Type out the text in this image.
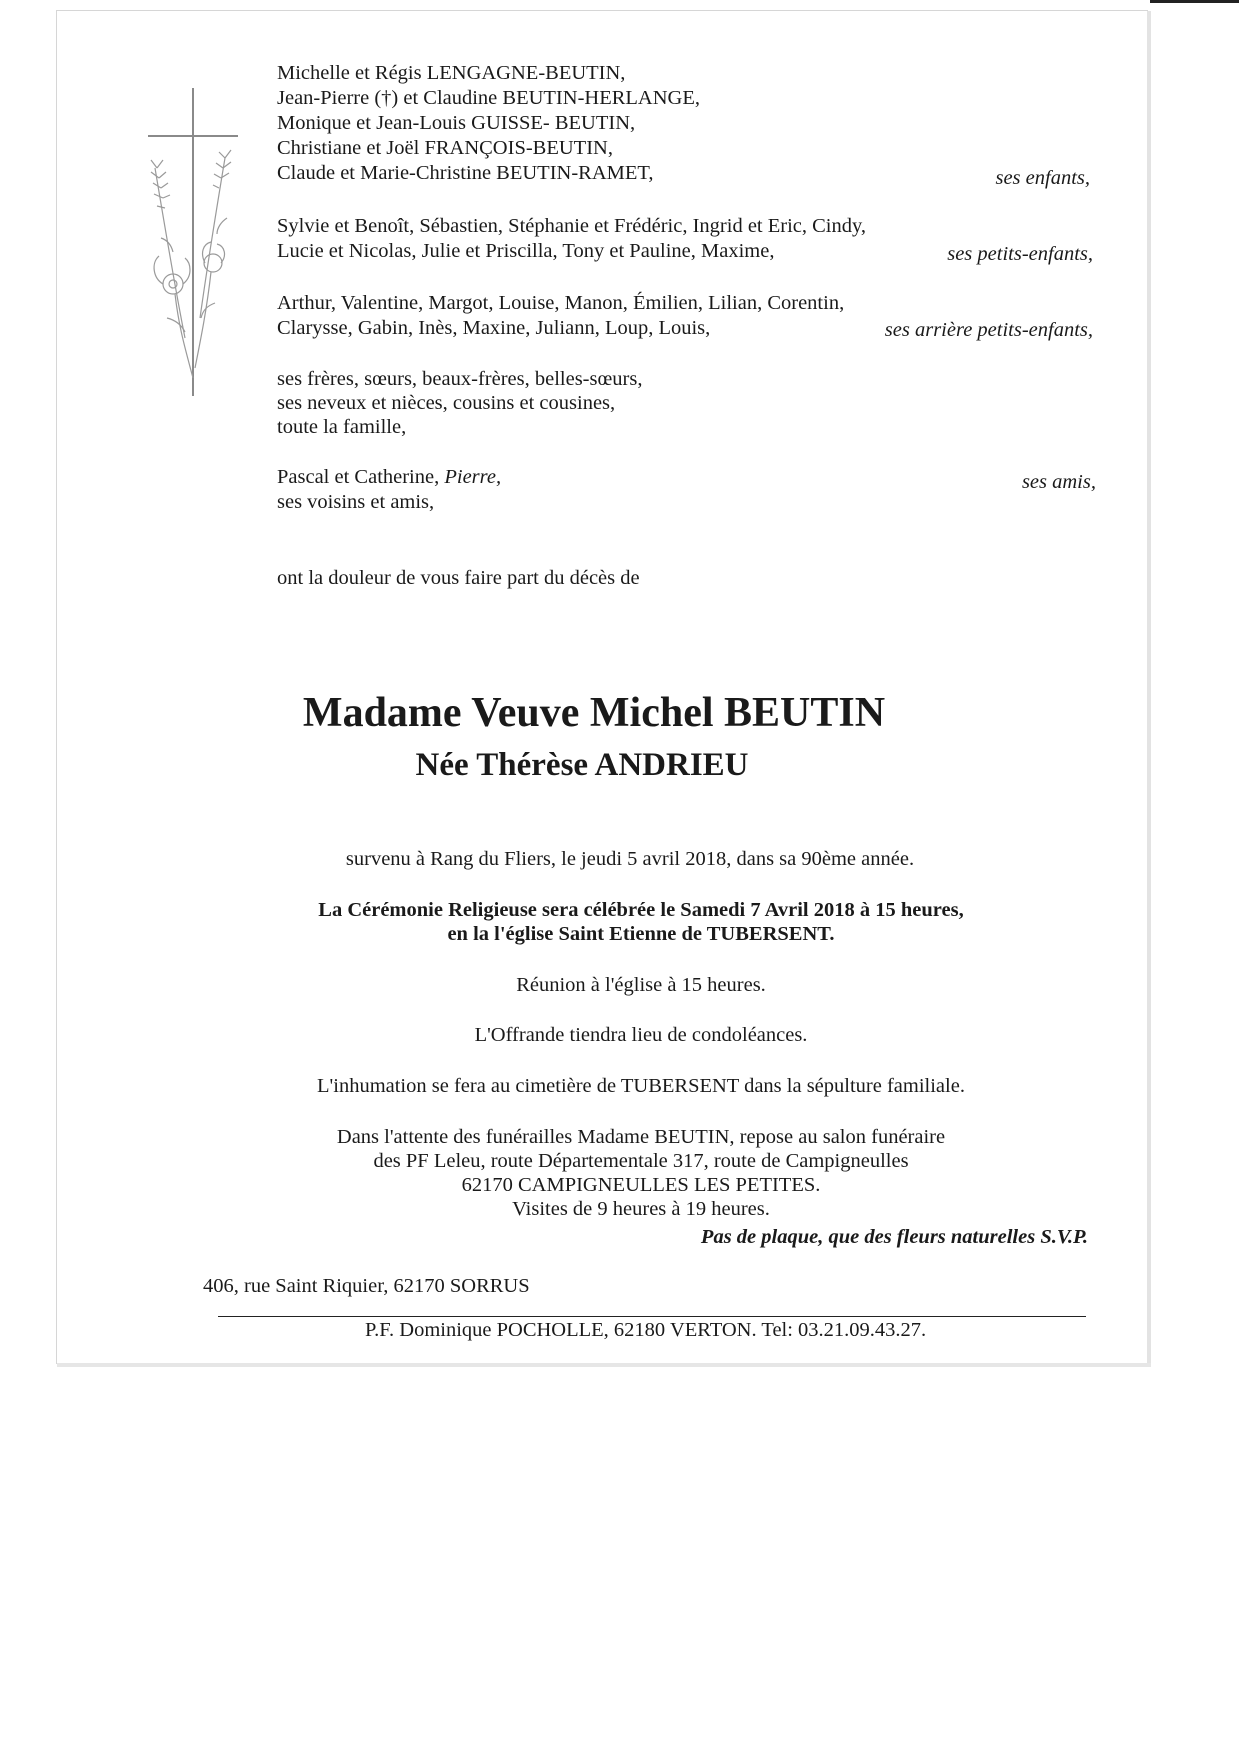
Michelle et Régis LENGAGNE-BEUTIN,
Jean-Pierre (†) et Claudine BEUTIN-HERLANGE,
Monique et Jean-Louis GUISSE- BEUTIN,
Christiane et Joël FRANÇOIS-BEUTIN,
Claude et Marie-Christine BEUTIN-RAMET,	ses enfants,
Sylvie et Benoît, Sébastien, Stéphanie et Frédéric, Ingrid et Eric, Cindy,
Lucie et Nicolas, Julie et Priscilla, Tony et Pauline, Maxime,	ses petits-enfants,
Arthur, Valentine, Margot, Louise, Manon, Émilien, Lilian, Corentin,
Clarysse, Gabin, Inès, Maxine, Juliann, Loup, Louis,	ses arrière petits-enfants,
ses frères, sœurs, beaux-frères, belles-sœurs,
ses neveux et nièces, cousins et cousines,
toute la famille,
Pascal et Catherine, Pierre,
ses voisins et amis,
ses amis,
ont la douleur de vous faire part du décès de
Madame Veuve Michel BEUTIN
Née Thérèse ANDRIEU
survenu à Rang du Fliers, le jeudi 5 avril 2018, dans sa 90ème année.
La Cérémonie Religieuse sera célébrée le Samedi 7 Avril 2018 à 15 heures,
en la l'église Saint Etienne de TUBERSENT.
Réunion à l'église à 15 heures.
L'Offrande tiendra lieu de condoléances.
L'inhumation se fera au cimetière de TUBERSENT dans la sépulture familiale.
Dans l'attente des funérailles Madame BEUTIN, repose au salon funéraire
des PF Leleu, route Départementale 317, route de Campigneulles
62170 CAMPIGNEULLES LES PETITES.
Visites de 9 heures à 19 heures.
Pas de plaque, que des fleurs naturelles S.V.P.
406, rue Saint Riquier, 62170 SORRUS
P.F. Dominique POCHOLLE, 62180 VERTON. Tel: 03.21.09.43.27.
